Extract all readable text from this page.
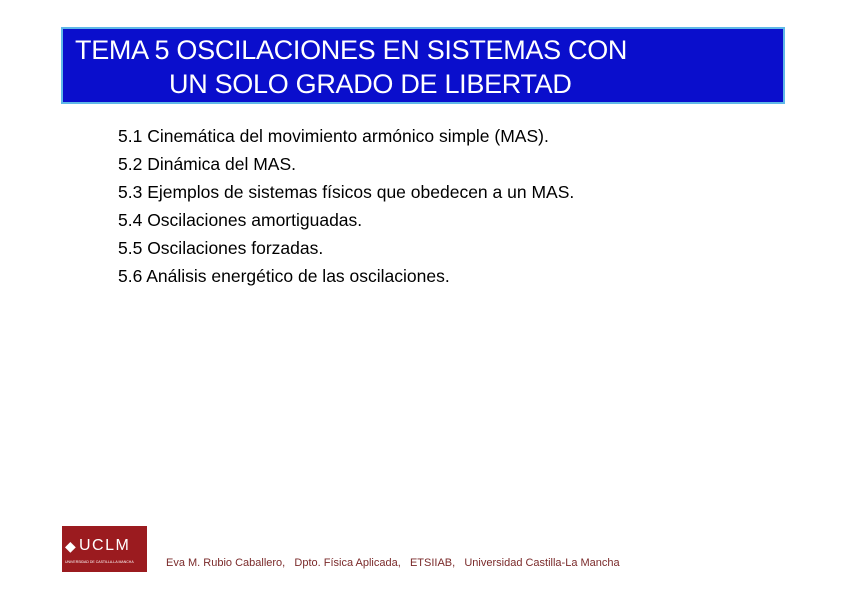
TEMA 5 OSCILACIONES EN SISTEMAS CON
UN SOLO GRADO DE LIBERTAD
5.1 Cinemática del movimiento armónico simple (MAS).
5.2 Dinámica del MAS.
5.3 Ejemplos de sistemas físicos que obedecen a un MAS.
5.4 Oscilaciones amortiguadas.
5.5 Oscilaciones forzadas.
5.6 Análisis energético de las oscilaciones.
◆ UCLM
UNIVERSIDAD DE CASTILLA-LA MANCHA	Eva M. Rubio Caballero,   Dpto. Física Aplicada,   ETSIIAB,   Universidad Castilla-La Mancha
